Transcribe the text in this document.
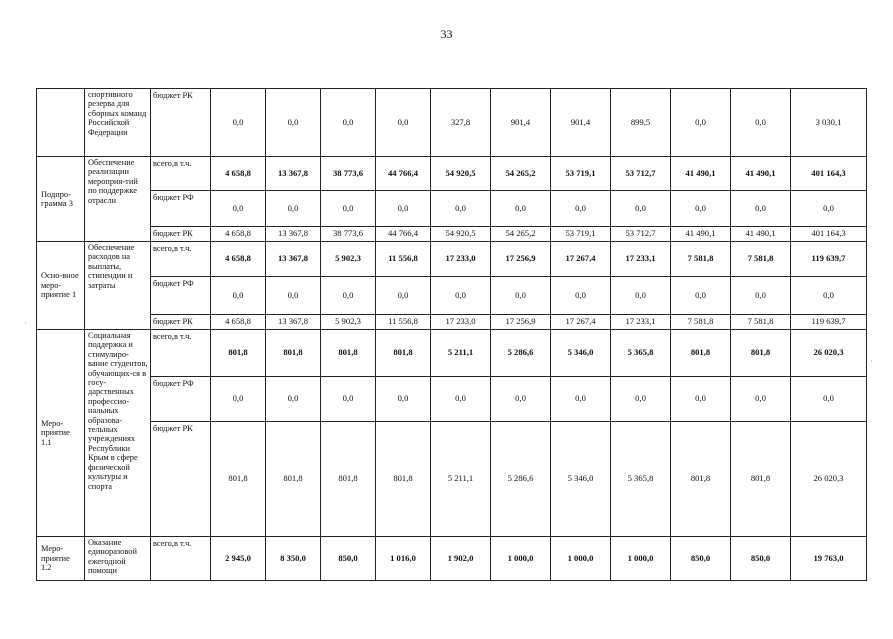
33
	спортивного резерва для сборных команд Российской Федерации	бюджет РК	0,0	0,0	0,0	0,0	327,8	901,4	901,4	899,5	0,0	0,0	3 030,1
Подпро-грамма 3	Обеспечение реализации мероприя-тий по поддержке отрасли	всего,в т.ч.	4 658,8	13 367,8	38 773,6	44 766,4	54 920,5	54 265,2	53 719,1	53 712,7	41 490,1	41 490,1	401 164,3
		бюджет РФ	0,0	0,0	0,0	0,0	0,0	0,0	0,0	0,0	0,0	0,0	0,0
		бюджет РК	4 658,8	13 367,8	38 773,6	44 766,4	54 920,5	54 265,2	53 719,1	53 712,7	41 490,1	41 490,1	401 164,3
Осно-вное меро-приятие 1	Обеспечение расходов на выплаты, стипендии и затраты	всего,в т.ч.	4 658,8	13 367,8	5 902,3	11 556,8	17 233,0	17 256,9	17 267,4	17 233,1	7 581,8	7 581,8	119 639,7
		бюджет РФ	0,0	0,0	0,0	0,0	0,0	0,0	0,0	0,0	0,0	0,0	0,0
		бюджет РК	4 658,8	13 367,8	5 902,3	11 556,8	17 233,0	17 256,9	17 267,4	17 233,1	7 581,8	7 581,8	119 639,7
Меро-приятие 1.1	Социальная поддержка и стимулиро-вание студентов, обучающих-ся в госу-дарственных профессио-нальных образова-тельных учреждениях Республики Крым в сфере физической культуры и спорта	всего,в т.ч.	801,8	801,8	801,8	801,8	5 211,1	5 286,6	5 346,0	5 365,8	801,8	801,8	26 020,3
		бюджет РФ	0,0	0,0	0,0	0,0	0,0	0,0	0,0	0,0	0,0	0,0	0,0
		бюджет РК	801,8	801,8	801,8	801,8	5 211,1	5 286,6	5 346,0	5 365,8	801,8	801,8	26 020,3
Меро-приятие 1.2	Оказание единоразовой ежегодной помощи	всего,в т.ч.	2 945,0	8 350,0	850,0	1 016,0	1 902,0	1 000,0	1 000,0	1 000,0	850,0	850,0	19 763,0
·
·
